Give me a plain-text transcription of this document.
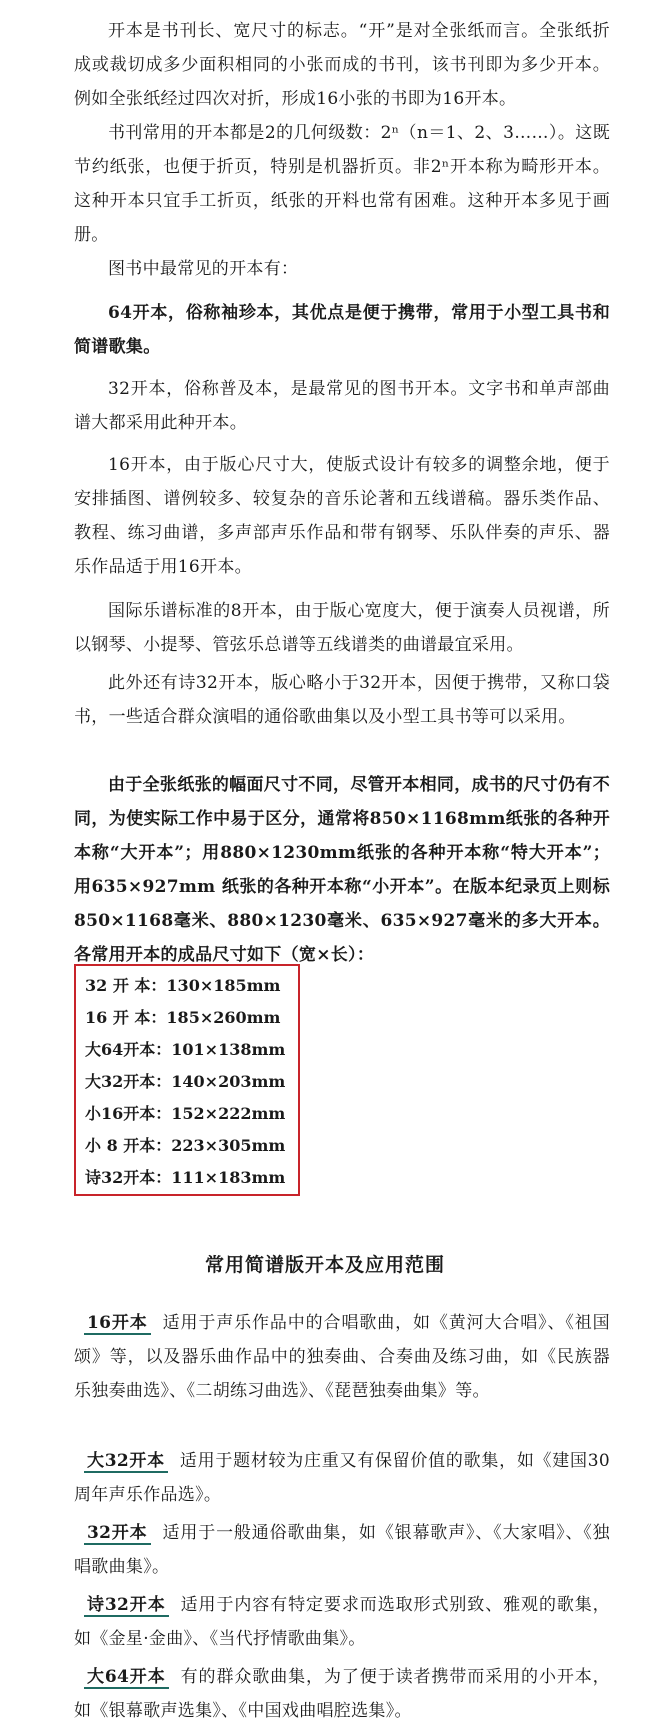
开本是书刊长、宽尺寸的标志。“开”是对全张纸而言。全张纸折成或裁切成多少面积相同的小张而成的书刊，该书刊即为多少开本。例如全张纸经过四次对折，形成16小张的书即为16开本。

书刊常用的开本都是2的几何级数：2ⁿ（n＝1、2、3……）。这既节约纸张，也便于折页，特别是机器折页。非2ⁿ开本称为畸形开本。这种开本只宜手工折页，纸张的开料也常有困难。这种开本多见于画册。

图书中最常见的开本有：

64开本，俗称袖珍本，其优点是便于携带，常用于小型工具书和简谱歌集。

32开本，俗称普及本，是最常见的图书开本。文字书和单声部曲谱大都采用此种开本。

16开本，由于版心尺寸大，使版式设计有较多的调整余地，便于安排插图、谱例较多、较复杂的音乐论著和五线谱稿。器乐类作品、教程、练习曲谱，多声部声乐作品和带有钢琴、乐队伴奏的声乐、器乐作品适于用16开本。

国际乐谱标准的8开本，由于版心宽度大，便于演奏人员视谱，所以钢琴、小提琴、管弦乐总谱等五线谱类的曲谱最宜采用。

此外还有诗32开本，版心略小于32开本，因便于携带，又称口袋书，一些适合群众演唱的通俗歌曲集以及小型工具书等可以采用。

由于全张纸张的幅面尺寸不同，尽管开本相同，成书的尺寸仍有不同，为使实际工作中易于区分，通常将850×1168mm纸张的各种开本称“大开本”；用880×1230mm纸张的各种开本称“特大开本”；用635×927mm 纸张的各种开本称“小开本”。在版本纪录页上则标850×1168毫米、880×1230毫米、635×927毫米的多大开本。各常用开本的成品尺寸如下（宽×长）：

32 开 本：130×185mm
16 开 本：185×260mm
大64开本：101×138mm
大32开本：140×203mm
小16开本：152×222mm
小 8 开本：223×305mm
诗32开本：111×183mm
常用简谱版开本及应用范围

16开本 适用于声乐作品中的合唱歌曲，如《黄河大合唱》、《祖国颂》等，以及器乐曲作品中的独奏曲、合奏曲及练习曲，如《民族器乐独奏曲选》、《二胡练习曲选》、《琵琶独奏曲集》等。

大32开本 适用于题材较为庄重又有保留价值的歌集，如《建国30周年声乐作品选》。

32开本 适用于一般通俗歌曲集，如《银幕歌声》、《大家唱》、《独唱歌曲集》。

诗32开本 适用于内容有特定要求而选取形式别致、雅观的歌集，如《金星·金曲》、《当代抒情歌曲集》。

大64开本 有的群众歌曲集，为了便于读者携带而采用的小开本，如《银幕歌声选集》、《中国戏曲唱腔选集》。
